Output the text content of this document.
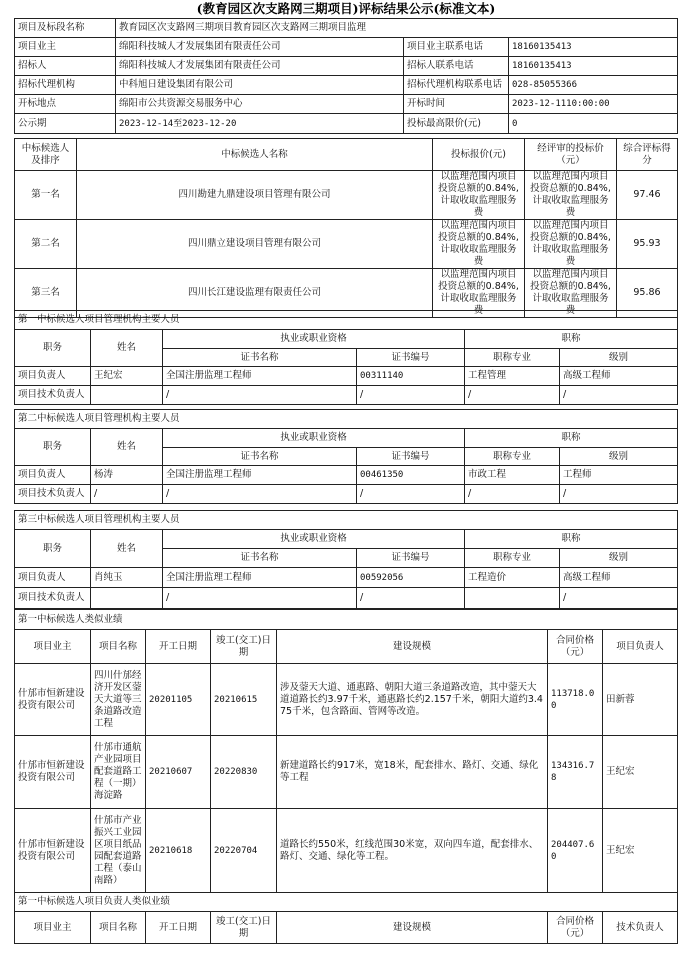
(教育园区次支路网三期项目)评标结果公示(标准文本)
项目及标段名称	教育园区次支路网三期项目教育园区次支路网三期项目监理		
项目业主	绵阳科技城人才发展集团有限责任公司	项目业主联系电话	18160135413
招标人	绵阳科技城人才发展集团有限责任公司	招标人联系电话	18160135413
招标代理机构	中科旭日建设集团有限公司	招标代理机构联系电话	028-85055366
开标地点	绵阳市公共资源交易服务中心	开标时间	2023-12-1110:00:00
公示期	2023-12-14至2023-12-20	投标最高限价(元)	0
中标候选人及排序	中标候选人名称	投标报价(元)	经评审的投标价（元）	综合评标得分
第一名	四川勘建九鼎建设项目管理有限公司	以监理范围内项目投资总额的0.84%,计取收取监理服务费	以监理范围内项目投资总额的0.84%,计取收取监理服务费	97.46
第二名	四川鼎立建设项目管理有限公司	以监理范围内项目投资总额的0.84%,计取收取监理服务费	以监理范围内项目投资总额的0.84%,计取收取监理服务费	95.93
第三名	四川长江建设监理有限责任公司	以监理范围内项目投资总额的0.84%,计取收取监理服务费	以监理范围内项目投资总额的0.84%,计取收取监理服务费	95.86
第一中标候选人项目管理机构主要人员					
职务	姓名	执业或职业资格		职称	
		证书名称	证书编号	职称专业	级别
项目负责人	王纪宏	全国注册监理工程师	00311140	工程管理	高级工程师
项目技术负责人		/	/	/	/
第二中标候选人项目管理机构主要人员					
职务	姓名	执业或职业资格		职称	
		证书名称	证书编号	职称专业	级别
项目负责人	杨涛	全国注册监理工程师	00461350	市政工程	工程师
项目技术负责人	/	/	/	/	/
第三中标候选人项目管理机构主要人员					
职务	姓名	执业或职业资格		职称	
		证书名称	证书编号	职称专业	级别
项目负责人	肖纯玉	全国注册监理工程师	00592056	工程造价	高级工程师
项目技术负责人		/	/		/
第一中标候选人类似业绩						
项目业主	项目名称	开工日期	竣工(交工)日期	建设规模	合同价格（元）	项目负责人
什邡市恒新建设投资有限公司	四川什邡经济开发区蓥天大道等三条道路改造工程	20201105	20210615	涉及蓥天大道、通惠路、朝阳大道三条道路改造，其中蓥天大道道路长约3.97千米，通惠路长约2.157千米，朝阳大道约3.475千米，包含路面、管网等改造。	113718.00	田新蓉
什邡市恒新建设投资有限公司	什邡市通航产业园项目配套道路工程（一期）海淀路	20210607	20220830	新建道路长约917米，宽18米，配套排水、路灯、交通、绿化等工程	134316.78	王纪宏
什邡市恒新建设投资有限公司	什邡市产业振兴工业园区项目纸品园配套道路工程（泰山南路）	20210618	20220704	道路长约550米，红线范围30米宽，双向四车道，配套排水、路灯、交通、绿化等工程。	204407.60	王纪宏
第一中标候选人项目负责人类似业绩						
项目业主	项目名称	开工日期	竣工(交工)日期	建设规模	合同价格（元）	技术负责人
